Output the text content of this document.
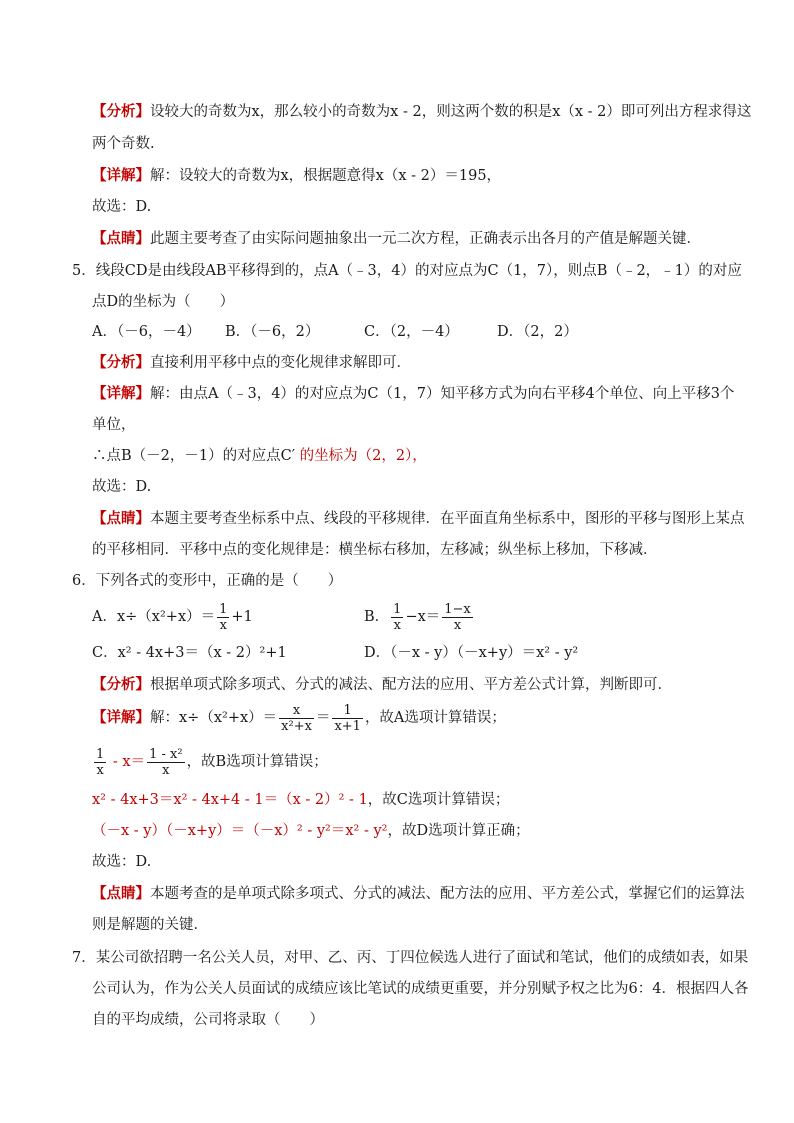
【分析】设较大的奇数为x，那么较小的奇数为x - 2，则这两个数的积是x（x - 2）即可列出方程求得这
两个奇数.
【详解】解：设较大的奇数为x，根据题意得x（x - 2）＝195，
故选：D.
【点睛】此题主要考查了由实际问题抽象出一元二次方程，正确表示出各月的产值是解题关键．
5．线段CD是由线段AB平移得到的，点A（﹣3，4）的对应点为C（1，7），则点B（﹣2，﹣1）的对应
点D的坐标为（　　）
A．（－6，－4） B．（－6，2）	C．（2，－4）	D．（2，2）
【分析】直接利用平移中点的变化规律求解即可．
【详解】解：由点A（﹣3，4）的对应点为C（1，7）知平移方式为向右平移4个单位、向上平移3个
单位，
∴点B（－2，－1）的对应点C′ 的坐标为（2，2），
故选：D.
【点睛】本题主要考查坐标系中点、线段的平移规律．在平面直角坐标系中，图形的平移与图形上某点
的平移相同．平移中点的变化规律是：横坐标右移加，左移减；纵坐标上移加，下移减．
6．下列各式的变形中，正确的是（　　）
A．$x\div(x^2+x)= \frac{1}{x} +1$	B． $\frac{1}{x} -x= \frac{1-x}{x}$
C．x² - 4x+3＝（x - 2）²+1	D．（－x - y）（－x+y）＝x² - y²
【分析】根据单项式除多项式、分式的减法、配方法的应用、平方差公式计算，判断即可．
【详解】解：$x\div(x^2+x)= \frac{x}{\text{x²+x}} = \frac{1}{x+1}$ ，故A选项计算错误；
$\frac{1}{x} - x= \frac{\text{1 - x²}}{x}$ ，故B选项计算错误；
x² - 4x+3＝x² - 4x+4 - 1＝（x - 2）² - 1，故C选项计算错误；
（－x - y）（－x+y）＝（－x）² - y²＝x² - y²，故D选项计算正确；
故选：D.
【点睛】本题考查的是单项式除多项式、分式的减法、配方法的应用、平方差公式，掌握它们的运算法
则是解题的关键．
7．某公司欲招聘一名公关人员，对甲、乙、丙、丁四位候选人进行了面试和笔试，他们的成绩如表，如果
公司认为，作为公关人员面试的成绩应该比笔试的成绩更重要，并分别赋予权之比为6：4．根据四人各
自的平均成绩，公司将录取（　　）
